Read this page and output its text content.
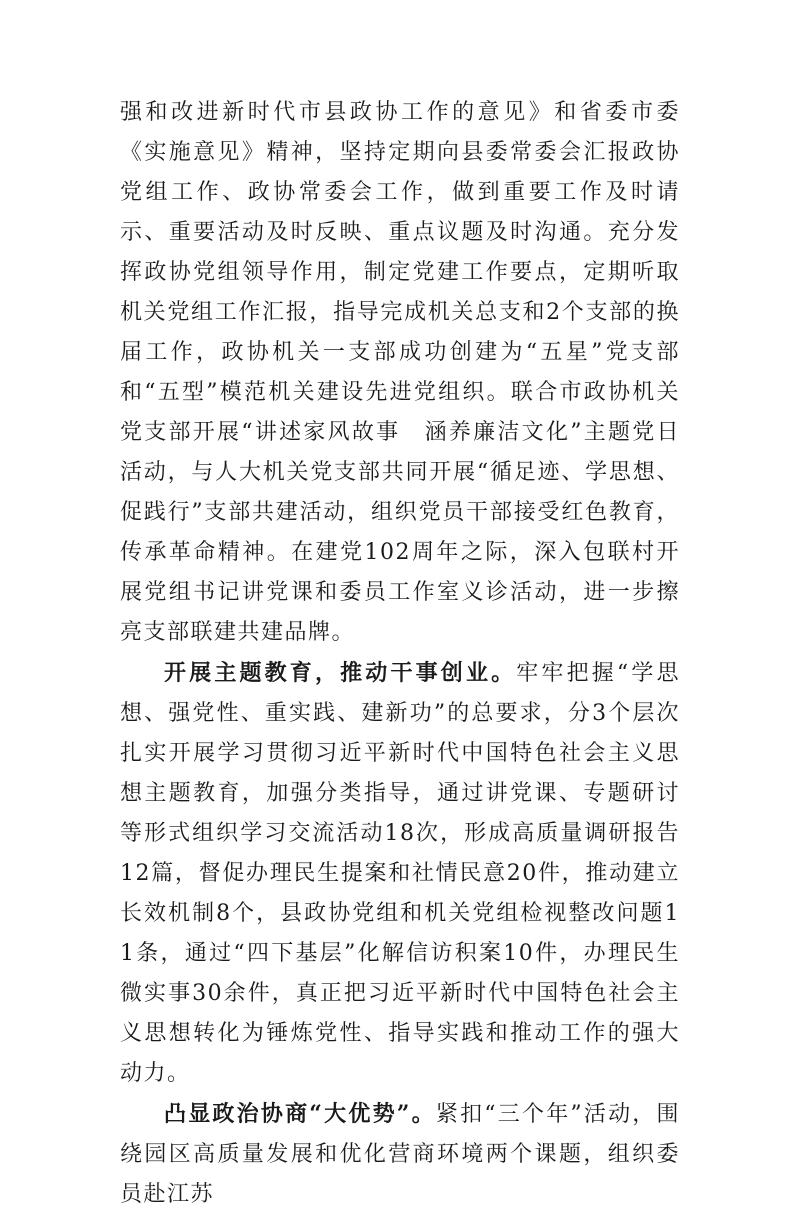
强和改进新时代市县政协工作的意见》和省委市委《实施意见》精神，坚持定期向县委常委会汇报政协党组工作、政协常委会工作，做到重要工作及时请示、重要活动及时反映、重点议题及时沟通。充分发挥政协党组领导作用，制定党建工作要点，定期听取机关党组工作汇报，指导完成机关总支和2个支部的换届工作，政协机关一支部成功创建为“五星”党支部和“五型”模范机关建设先进党组织。联合市政协机关党支部开展“讲述家风故事　涵养廉洁文化”主题党日活动，与人大机关党支部共同开展“循足迹、学思想、促践行”支部共建活动，组织党员干部接受红色教育，传承革命精神。在建党102周年之际，深入包联村开展党组书记讲党课和委员工作室义诊活动，进一步擦亮支部联建共建品牌。

开展主题教育，推动干事创业。牢牢把握“学思想、强党性、重实践、建新功”的总要求，分3个层次扎实开展学习贯彻习近平新时代中国特色社会主义思想主题教育，加强分类指导，通过讲党课、专题研讨等形式组织学习交流活动18次，形成高质量调研报告12篇，督促办理民生提案和社情民意20件，推动建立长效机制8个，县政协党组和机关党组检视整改问题11条，通过“四下基层”化解信访积案10件，办理民生微实事30余件，真正把习近平新时代中国特色社会主义思想转化为锤炼党性、指导实践和推动工作的强大动力。

凸显政治协商“大优势”。紧扣“三个年”活动，围绕园区高质量发展和优化营商环境两个课题，组织委员赴江苏
